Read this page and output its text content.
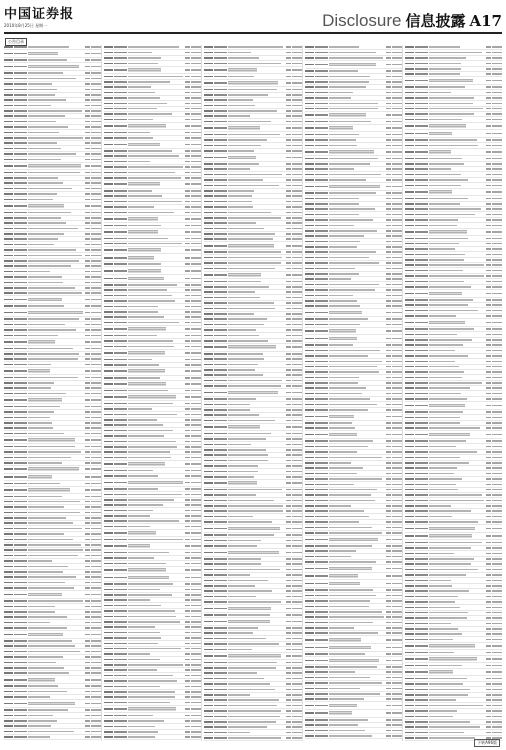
中国证券报
2010年8月25日 星期一	Disclosure 信息披露 A17
公告目录
下转A96版
